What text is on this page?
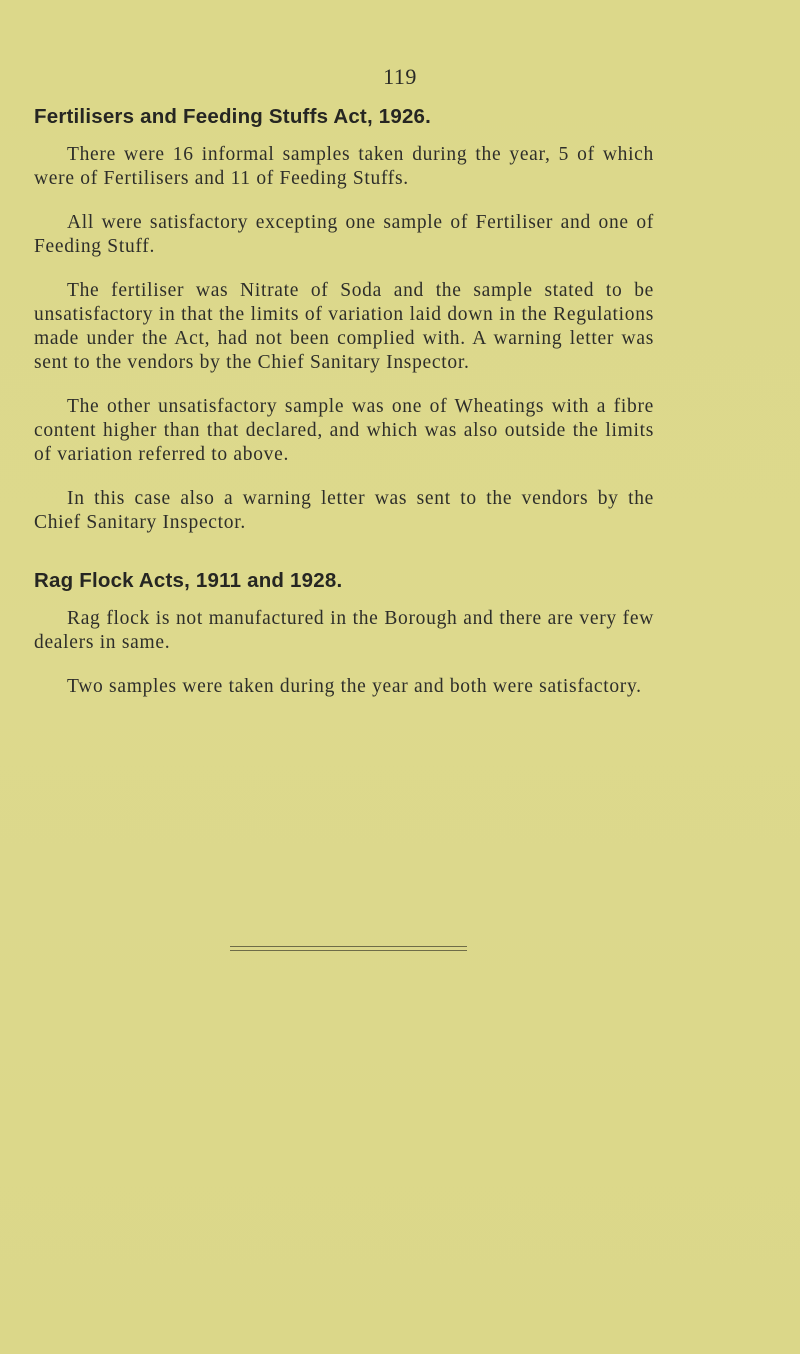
119
Fertilisers and Feeding Stuffs Act, 1926.

There were 16 informal samples taken during the year, 5 of which were of Fertilisers and 11 of Feeding Stuffs.

All were satisfactory excepting one sample of Fertiliser and one of Feeding Stuff.

The fertiliser was Nitrate of Soda and the sample stated to be unsatisfactory in that the limits of variation laid down in the Regulations made under the Act, had not been complied with. A warning letter was sent to the vendors by the Chief Sanitary Inspector.

The other unsatisfactory sample was one of Wheatings with a fibre content higher than that declared, and which was also outside the limits of variation referred to above.

In this case also a warning letter was sent to the vendors by the Chief Sanitary Inspector.

Rag Flock Acts, 1911 and 1928.

Rag flock is not manufactured in the Borough and there are very few dealers in same.

Two samples were taken during the year and both were satisfactory.
